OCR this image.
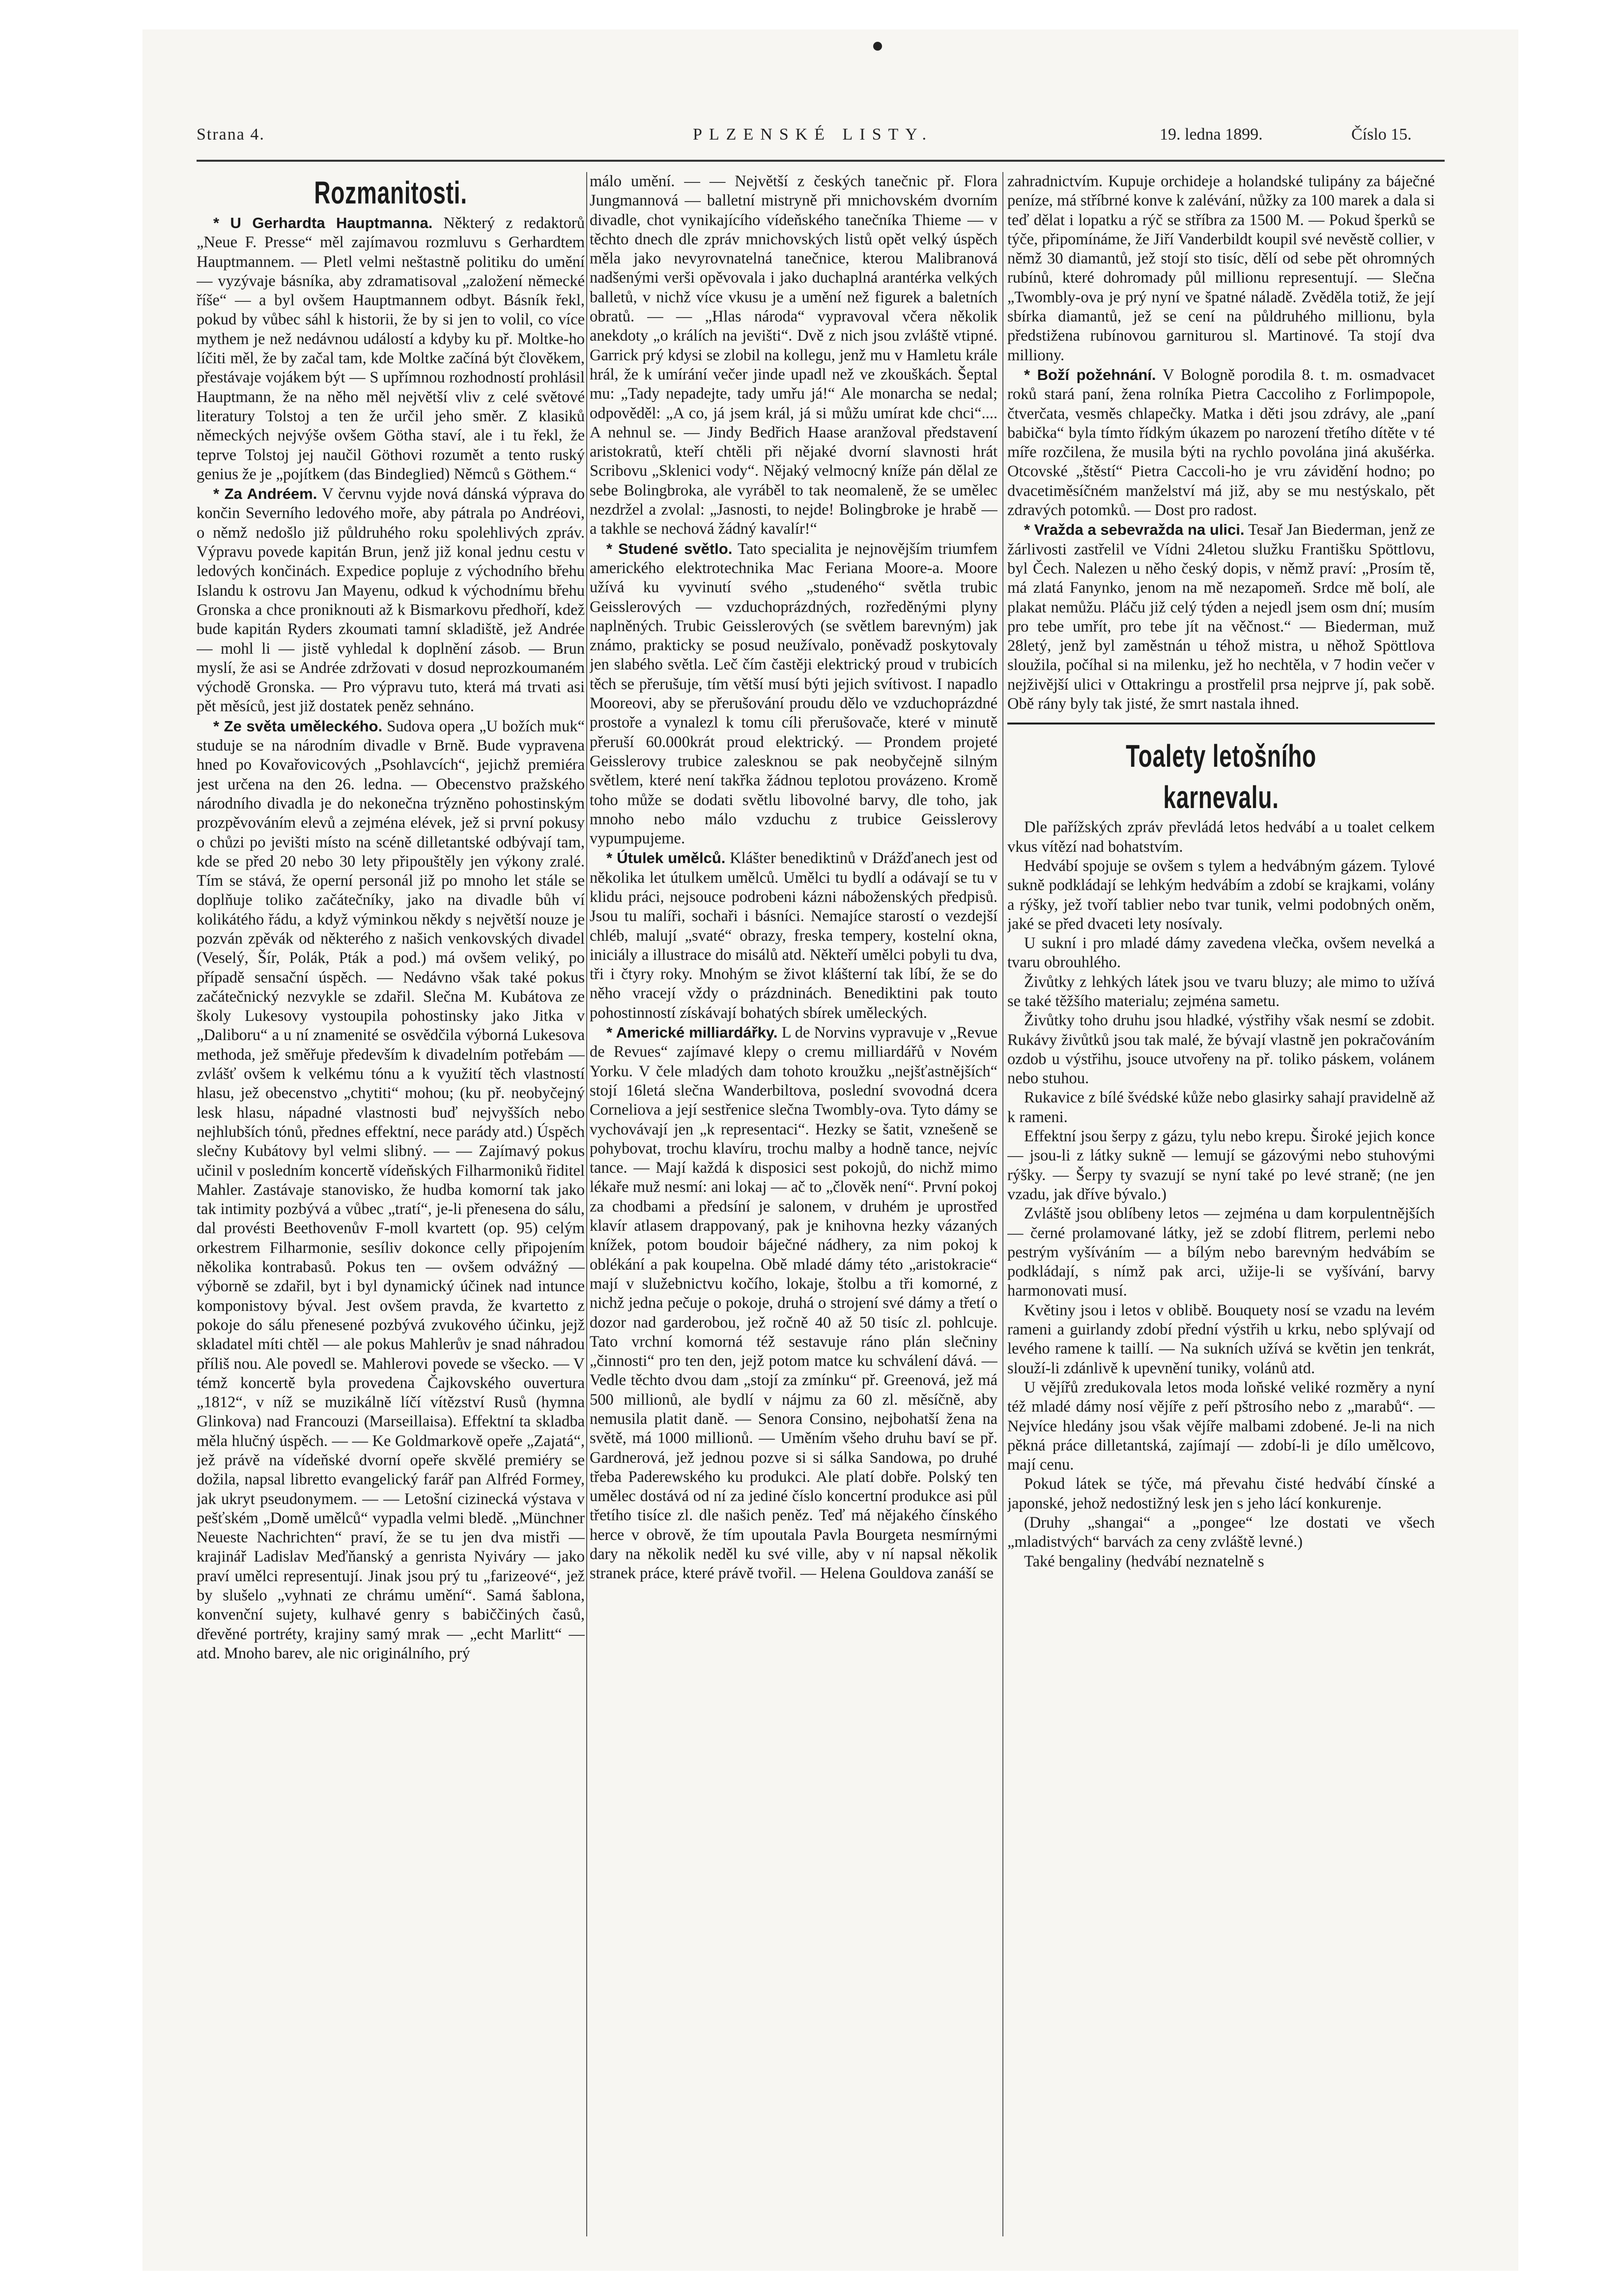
Strana 4.	PLZENSKÉ LISTY.	19. ledna 1899.	Číslo 15.
Rozmanitosti.

* U Gerhardta Hauptmanna. Některý z redaktorů „Neue F. Presse“ měl zajímavou rozmluvu s Gerhardtem Hauptmannem. — Pletl velmi neštastně politiku do umění — vyzývaje básníka, aby zdramatisoval „založení německé říše“ — a byl ovšem Hauptmannem odbyt. Básník řekl, pokud by vůbec sáhl k historii, že by si jen to volil, co více mythem je než nedávnou událostí a kdyby ku př. Moltke-ho líčiti měl, že by začal tam, kde Moltke začíná být člověkem, přestávaje vojákem být — S upřímnou rozhodností prohlásil Hauptmann, že na něho měl největší vliv z celé světové literatury Tolstoj a ten že určil jeho směr. Z klasiků německých nejvýše ovšem Götha staví, ale i tu řekl, že teprve Tolstoj jej naučil Göthovi rozumět a tento ruský genius že je „pojítkem (das Bindeglied) Němců s Göthem.“

* Za Andréem. V červnu vyjde nová dánská výprava do končin Severního ledového moře, aby pátrala po Andréovi, o němž nedošlo již půldruhého roku spolehlivých zpráv. Výpravu povede kapitán Brun, jenž již konal jednu cestu v ledových končinách. Expedice popluje z východního břehu Islandu k ostrovu Jan Mayenu, odkud k východnímu břehu Gronska a chce proniknouti až k Bismarkovu předhoří, kdež bude kapitán Ryders zkoumati tamní skladiště, jež Andrée — mohl li — jistě vyhledal k doplnění zásob. — Brun myslí, že asi se Andrée zdržovati v dosud neprozkoumaném východě Gronska. — Pro výpravu tuto, která má trvati asi pět měsíců, jest již dostatek peněz sehnáno.

* Ze světa uměleckého. Sudova opera „U božích muk“ studuje se na národním divadle v Brně. Bude vypravena hned po Kovařovicových „Psohlavcích“, jejichž premiéra jest určena na den 26. ledna. — Obecenstvo pražského národního divadla je do nekonečna trýzněno pohostinským prozpěvováním elevů a zejména elévek, jež si první pokusy o chůzi po jevišti místo na scéně dilletantské odbývají tam, kde se před 20 nebo 30 lety připouštěly jen výkony zralé. Tím se stává, že operní personál již po mnoho let stále se doplňuje toliko začátečníky, jako na divadle bůh ví kolikátého řádu, a když výminkou někdy s největší nouze je pozván zpěvák od některého z našich venkovských divadel (Veselý, Šír, Polák, Pták a pod.) má ovšem veliký, po případě sensační úspěch. — Nedávno však také pokus začátečnický nezvykle se zdařil. Slečna M. Kubátova ze školy Lukesovy vystoupila pohostinsky jako Jitka v „Daliboru“ a u ní znamenité se osvědčila výborná Lukesova methoda, jež směřuje především k divadelním potřebám — zvlášť ovšem k velkému tónu a k využití těch vlastností hlasu, jež obecenstvo „chytiti“ mohou; (ku př. neobyčejný lesk hlasu, nápadné vlastnosti buď nejvyšších nebo nejhlubších tónů, přednes effektní, nece parády atd.) Úspěch slečny Kubátovy byl velmi slibný. — — Zajímavý pokus učinil v posledním koncertě vídeňských Filharmoniků řiditel Mahler. Zastávaje stanovisko, že hudba komorní tak jako tak intimity pozbývá a vůbec „tratí“, je-li přenesena do sálu, dal provésti Beethovenův F-moll kvartett (op. 95) celým orkestrem Filharmonie, sesíliv dokonce celly připojením několika kontrabasů. Pokus ten — ovšem odvážný — výborně se zdařil, byt i byl dynamický účinek nad intunce komponistovy býval. Jest ovšem pravda, že kvartetto z pokoje do sálu přenesené pozbývá zvukového účinku, jejž skladatel míti chtěl — ale pokus Mahlerův je snad náhradou příliš nou. Ale povedl se. Mahlerovi povede se všecko. — V témž koncertě byla provedena Čajkovského ouvertura „1812“, v níž se muzikálně líčí vítězství Rusů (hymna Glinkova) nad Francouzi (Marseillaisa). Effektní ta skladba měla hlučný úspěch. — — Ke Goldmarkově opeře „Zajatá“, jež právě na vídeňské dvorní opeře skvělé premiéry se dožila, napsal libretto evangelický farář pan Alfréd Formey, jak ukryt pseudonymem. — — Letošní cizinecká výstava v pešťském „Domě umělců“ vypadla velmi bledě. „Münchner Neueste Nachrichten“ praví, že se tu jen dva mistři — krajinář Ladislav Meďňanský a genrista Nyiváry — jako praví umělci representují. Jinak jsou prý tu „farizeové“, jež by slušelo „vyhnati ze chrámu umění“. Samá šablona, konvenční sujety, kulhavé genry s babiččiných časů, dřevěné portréty, krajiny samý mrak — „echt Marlitt“ — atd. Mnoho barev, ale nic originálního, prý

málo umění. — — Největší z českých tanečnic př. Flora Jungmannová — balletní mistryně při mnichovském dvorním divadle, chot vynikajícího vídeňského tanečníka Thieme — v těchto dnech dle zpráv mnichovských listů opět velký úspěch měla jako nevyrovnatelná tanečnice, kterou Malibranová nadšenými verši opěvovala i jako duchaplná arantérka velkých balletů, v nichž více vkusu je a umění než figurek a baletních obratů. — — „Hlas národa“ vypravoval včera několik anekdoty „o králích na jevišti“. Dvě z nich jsou zvláště vtipné. Garrick prý kdysi se zlobil na kollegu, jenž mu v Hamletu krále hrál, že k umírání večer jinde upadl než ve zkouškách. Šeptal mu: „Tady nepadejte, tady umřu já!“ Ale monarcha se nedal; odpověděl: „A co, já jsem král, já si můžu umírat kde chci“.... A nehnul se. — Jindy Bedřich Haase aranžoval představení aristokratů, kteří chtěli při nějaké dvorní slavnosti hrát Scribovu „Sklenici vody“. Nějaký velmocný kníže pán dělal ze sebe Bolingbroka, ale vyráběl to tak neomaleně, že se umělec nezdržel a zvolal: „Jasnosti, to nejde! Bolingbroke je hrabě — a takhle se nechová žádný kavalír!“

* Studené světlo. Tato specialita je nejnovějším triumfem amerického elektrotechnika Mac Feriana Moore-a. Moore užívá ku vyvinutí svého „studeného“ světla trubic Geisslerových — vzduchoprázdných, rozředěnými plyny naplněných. Trubic Geisslerových (se světlem barevným) jak známo, prakticky se posud neužívalo, poněvadž poskytovaly jen slabého světla. Leč čím častěji elektrický proud v trubicích těch se přerušuje, tím větší musí býti jejich svítivost. I napadlo Mooreovi, aby se přerušování proudu dělo ve vzduchoprázdné prostoře a vynalezl k tomu cíli přerušovače, které v minutě přeruší 60.000krát proud elektrický. — Prondem projeté Geisslerovy trubice zalesknou se pak neobyčejně silným světlem, které není takřka žádnou teplotou provázeno. Kromě toho může se dodati světlu libovolné barvy, dle toho, jak mnoho nebo málo vzduchu z trubice Geisslerovy vypumpujeme.

* Útulek umělců. Klášter benediktinů v Drážďanech jest od několika let útulkem umělců. Umělci tu bydlí a odávají se tu v klidu práci, nejsouce podrobeni kázni náboženských předpisů. Jsou tu malíři, sochaři i básníci. Nemajíce starostí o vezdejší chléb, malují „svaté“ obrazy, freska tempery, kostelní okna, iniciály a illustrace do misálů atd. Někteří umělci pobyli tu dva, tři i čtyry roky. Mnohým se život klášterní tak líbí, že se do něho vracejí vždy o prázdninách. Benediktini pak touto pohostinností získávají bohatých sbírek uměleckých.

* Americké milliardářky. L de Norvins vypravuje v „Revue de Revues“ zajímavé klepy o cremu milliardářů v Novém Yorku. V čele mladých dam tohoto kroužku „nejšťastnějších“ stojí 16letá slečna Wanderbiltova, poslední svovodná dcera Corneliova a její sestřenice slečna Twombly-ova. Tyto dámy se vychovávají jen „k representaci“. Hezky se šatit, vznešeně se pohybovat, trochu klavíru, trochu malby a hodně tance, nejvíc tance. — Mají každá k disposici sest pokojů, do nichž mimo lékaře muž nesmí: ani lokaj — ač to „člověk není“. První pokoj za chodbami a předsíní je salonem, v druhém je uprostřed klavír atlasem drappovaný, pak je knihovna hezky vázaných knížek, potom boudoir báječné nádhery, za nim pokoj k oblékání a pak koupelna. Obě mladé dámy této „aristokracie“ mají v služebnictvu kočího, lokaje, štolbu a tři komorné, z nichž jedna pečuje o pokoje, druhá o strojení své dámy a třetí o dozor nad garderobou, jež ročně 40 až 50 tisíc zl. pohlcuje. Tato vrchní komorná též sestavuje ráno plán slečniny „činnosti“ pro ten den, jejž potom matce ku schválení dává. — Vedle těchto dvou dam „stojí za zmínku“ př. Greenová, jež má 500 millionů, ale bydlí v nájmu za 60 zl. měsíčně, aby nemusila platit daně. — Senora Consino, nejbohatší žena na světě, má 1000 millionů. — Uměním všeho druhu baví se př. Gardnerová, jež jednou pozve si si sálka Sandowa, po druhé třeba Paderewského ku produkci. Ale platí dobře. Polský ten umělec dostává od ní za jediné číslo koncertní produkce asi půl třetího tisíce zl. dle našich peněz. Teď má nějakého čínského herce v obrově, že tím upoutala Pavla Bourgeta nesmírnými dary na několik neděl ku své ville, aby v ní napsal několik stranek práce, které právě tvořil. — Helena Gouldova zanáší se

zahradnictvím. Kupuje orchideje a holandské tulipány za báječné peníze, má stříbrné konve k zalévání, nůžky za 100 marek a dala si teď dělat i lopatku a rýč se stříbra za 1500 M. — Pokud šperků se týče, připomínáme, že Jiří Vanderbildt koupil své nevěstě collier, v němž 30 diamantů, jež stojí sto tisíc, dělí od sebe pět ohromných rubínů, které dohromady půl millionu representují. — Slečna „Twombly-ova je prý nyní ve špatné náladě. Zvěděla totiž, že její sbírka diamantů, jež se cení na půldruhého millionu, byla předstižena rubínovou garniturou sl. Martinové. Ta stojí dva milliony.

* Boží požehnání. V Bologně porodila 8. t. m. osmadvacet roků stará paní, žena rolníka Pietra Caccoliho z Forlimpopole, čtverčata, vesměs chlapečky. Matka i děti jsou zdrávy, ale „paní babička“ byla tímto řídkým úkazem po narození třetího dítěte v té míře rozčilena, že musila býti na rychlo povolána jiná akušérka. Otcovské „štěstí“ Pietra Caccoli-ho je vru závidění hodno; po dvacetiměsíčném manželství má již, aby se mu nestýskalo, pět zdravých potomků. — Dost pro radost.

* Vražda a sebevražda na ulici. Tesař Jan Biederman, jenž ze žárlivosti zastřelil ve Vídni 24letou služku Františku Spöttlovu, byl Čech. Nalezen u něho český dopis, v němž praví: „Prosím tě, má zlatá Fanynko, jenom na mě nezapomeň. Srdce mě bolí, ale plakat nemůžu. Pláču již celý týden a nejedl jsem osm dní; musím pro tebe umřít, pro tebe jít na věčnost.“ — Biederman, muž 28letý, jenž byl zaměstnán u téhož mistra, u něhož Spöttlova sloužila, počíhal si na milenku, jež ho nechtěla, v 7 hodin večer v nejživější ulici v Ottakringu a prostřelil prsa nejprve jí, pak sobě. Obě rány byly tak jisté, že smrt nastala ihned.

Toalety letošního karnevalu.

Dle pařížských zpráv převládá letos hedvábí a u toalet celkem vkus vítězí nad bohatstvím.

Hedvábí spojuje se ovšem s tylem a hedvábným gázem. Tylové sukně podkládají se lehkým hedvábím a zdobí se krajkami, volány a rýšky, jež tvoří tablier nebo tvar tunik, velmi podobných oněm, jaké se před dvaceti lety nosívaly.

U sukní i pro mladé dámy zavedena vlečka, ovšem nevelká a tvaru obrouhlého.

Živůtky z lehkých látek jsou ve tvaru bluzy; ale mimo to užívá se také těžšího materialu; zejména sametu.

Živůtky toho druhu jsou hladké, výstřihy však nesmí se zdobit. Rukávy živůtků jsou tak malé, že bývají vlastně jen pokračováním ozdob u výstřihu, jsouce utvořeny na př. toliko páskem, volánem nebo stuhou.

Rukavice z bílé švédské kůže nebo glasirky sahají pravidelně až k rameni.

Effektní jsou šerpy z gázu, tylu nebo krepu. Široké jejich konce — jsou-li z látky sukně — lemují se gázovými nebo stuhovými rýšky. — Šerpy ty svazují se nyní také po levé straně; (ne jen vzadu, jak dříve bývalo.)

Zvláště jsou oblíbeny letos — zejména u dam korpulentnějších — černé prolamované látky, jež se zdobí flitrem, perlemi nebo pestrým vyšíváním — a bílým nebo barevným hedvábím se podkládají, s nímž pak arci, užije-li se vyšívání, barvy harmonovati musí.

Květiny jsou i letos v oblibě. Bouquety nosí se vzadu na levém rameni a guirlandy zdobí přední výstřih u krku, nebo splývají od levého ramene k taillí. — Na sukních užívá se květin jen tenkrát, slouží-li zdánlivě k upevnění tuniky, volánů atd.

U vějířů zredukovala letos moda loňské veliké rozměry a nyní též mladé dámy nosí vějíře z peří pštrosího nebo z „marabů“. — Nejvíce hledány jsou však vějíře malbami zdobené. Je-li na nich pěkná práce dilletantská, zajímají — zdobí-li je dílo umělcovo, mají cenu.

Pokud látek se týče, má převahu čisté hedvábí čínské a japonské, jehož nedostižný lesk jen s jeho lácí konkurenje.

(Druhy „shangai“ a „pongee“ lze dostati ve všech „mladistvých“ barvách za ceny zvláště levné.)

Také bengaliny (hedvábí neznatelně s
